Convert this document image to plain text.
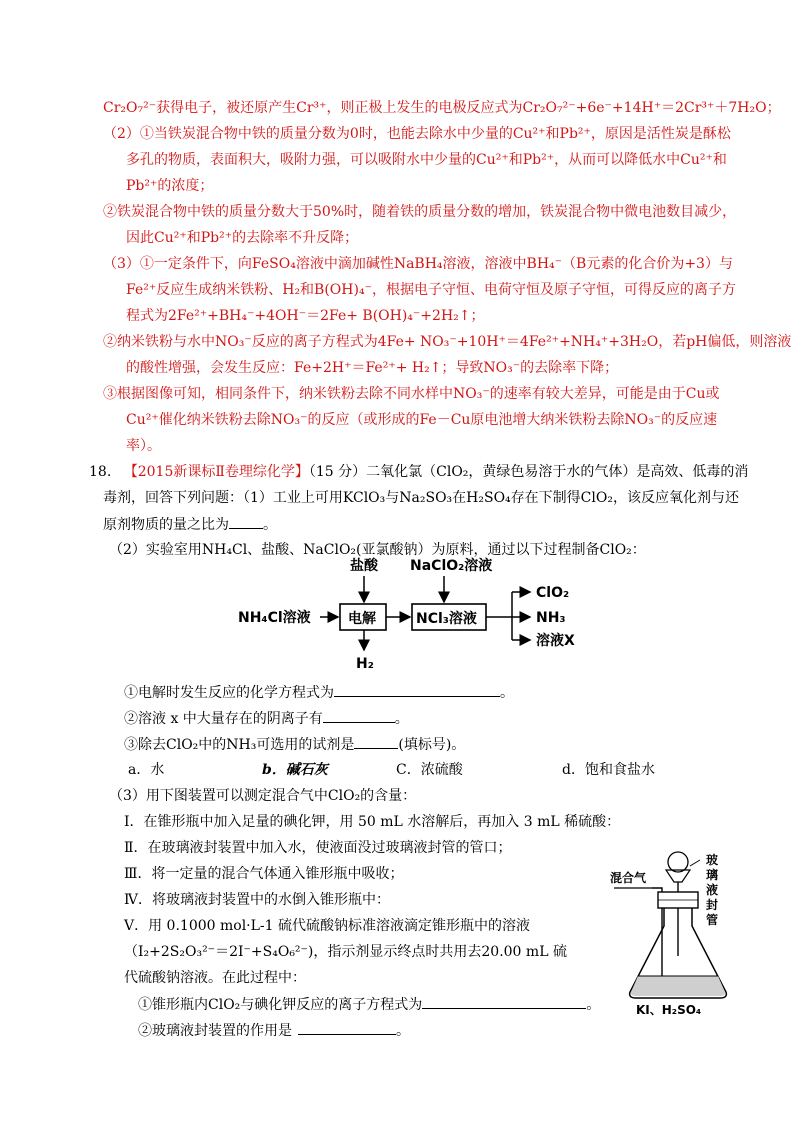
Cr₂O₇²⁻获得电子，被还原产生Cr³⁺，则正极上发生的电极反应式为Cr₂O₇²⁻+6e⁻+14H⁺＝2Cr³⁺＋7H₂O；
（2）①当铁炭混合物中铁的质量分数为0时，也能去除水中少量的Cu²⁺和Pb²⁺，原因是活性炭是酥松
多孔的物质，表面积大，吸附力强，可以吸附水中少量的Cu²⁺和Pb²⁺，从而可以降低水中Cu²⁺和
Pb²⁺的浓度；
②铁炭混合物中铁的质量分数大于50%时，随着铁的质量分数的增加，铁炭混合物中微电池数目减少，
因此Cu²⁺和Pb²⁺的去除率不升反降；
（3）①一定条件下，向FeSO₄溶液中滴加碱性NaBH₄溶液，溶液中BH₄⁻（B元素的化合价为+3）与
Fe²⁺反应生成纳米铁粉、H₂和B(OH)₄⁻，根据电子守恒、电荷守恒及原子守恒，可得反应的离子方
程式为2Fe²⁺+BH₄⁻+4OH⁻＝2Fe+ B(OH)₄⁻+2H₂↑；
②纳米铁粉与水中NO₃⁻反应的离子方程式为4Fe+ NO₃⁻+10H⁺＝4Fe²⁺+NH₄⁺+3H₂O，若pH偏低，则溶液
的酸性增强，会发生反应：Fe+2H⁺＝Fe²⁺+ H₂↑；导致NO₃⁻的去除率下降；
③根据图像可知，相同条件下，纳米铁粉去除不同水样中NO₃⁻的速率有较大差异，可能是由于Cu或
Cu²⁺催化纳米铁粉去除NO₃⁻的反应（或形成的Fe－Cu原电池增大纳米铁粉去除NO₃⁻的反应速
率）。
18. 【2015新课标Ⅱ卷理综化学】（15 分）二氧化氯（ClO₂，黄绿色易溶于水的气体）是高效、低毒的消
毒剂，回答下列问题：（1）工业上可用KClO₃与Na₂SO₃在H₂SO₄存在下制得ClO₂，该反应氧化剂与还
原剂物质的量之比为 。
（2）实验室用NH₄Cl、盐酸、NaClO₂(亚氯酸钠）为原料，通过以下过程制备ClO₂：
盐酸 NaClO₂溶液
NH₄Cl溶液	电解
H₂
NCl₃溶液
ClO₂
NH₃
溶液X
①电解时发生反应的化学方程式为	。
②溶液 x 中大量存在的阴离子有	。
③除去ClO₂中的NH₃可选用的试剂是	(填标号)。
a．水	b．碱石灰	C．浓硫酸	d．饱和食盐水
（3）用下图装置可以测定混合气中ClO₂的含量：
Ⅰ．在锥形瓶中加入足量的碘化钾，用 50 mL 水溶解后，再加入 3 mL 稀硫酸：
Ⅱ．在玻璃液封装置中加入水，使液面没过玻璃液封管的管口；
Ⅲ．将一定量的混合气体通入锥形瓶中吸收；
Ⅳ．将玻璃液封装置中的水倒入锥形瓶中：
Ⅴ．用 0.1000 mol·L-1 硫代硫酸钠标准溶液滴定锥形瓶中的溶液
（I₂+2S₂O₃²⁻＝2I⁻+S₄O₆²⁻)，指示剂显示终点时共用去20.00 mL 硫
代硫酸钠溶液。在此过程中：
①锥形瓶内ClO₂与碘化钾反应的离子方程式为	。
②玻璃液封装置的作用是	。
混合气
玻
璃
液
封
管
KI、H₂SO₄
